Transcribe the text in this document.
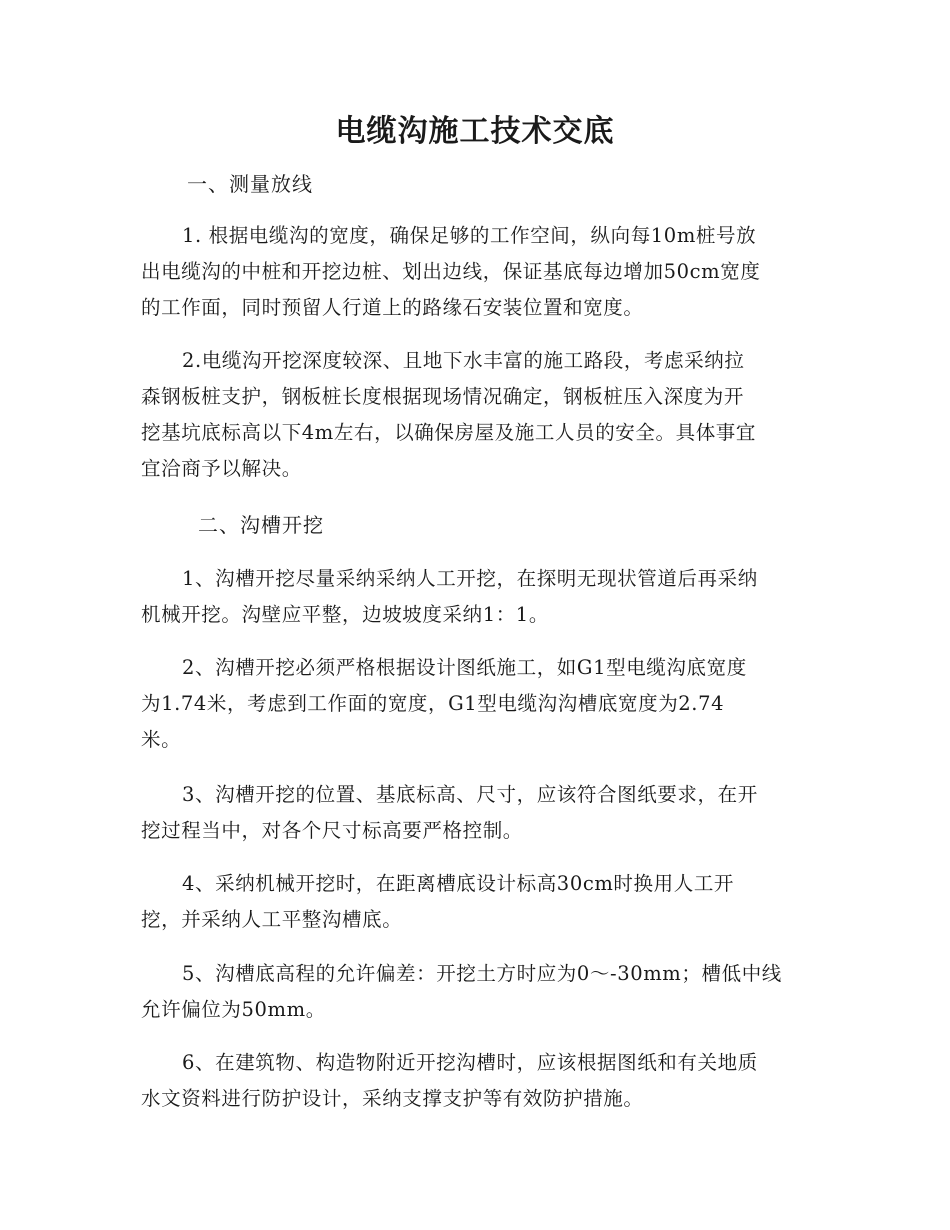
电缆沟施工技术交底
一、测量放线
1. 根据电缆沟的宽度，确保足够的工作空间，纵向每10m桩号放
出电缆沟的中桩和开挖边桩、划出边线，保证基底每边增加50cm宽度
的工作面，同时预留人行道上的路缘石安装位置和宽度。
2.电缆沟开挖深度较深、且地下水丰富的施工路段，考虑采纳拉
森钢板桩支护，钢板桩长度根据现场情况确定，钢板桩压入深度为开
挖基坑底标高以下4m左右，以确保房屋及施工人员的安全。具体事宜
宜洽商予以解决。
二、沟槽开挖
1、沟槽开挖尽量采纳采纳人工开挖，在探明无现状管道后再采纳
机械开挖。沟壁应平整，边坡坡度采纳1：1。
2、沟槽开挖必须严格根据设计图纸施工，如G1型电缆沟底宽度
为1.74米，考虑到工作面的宽度，G1型电缆沟沟槽底宽度为2.74
米。
3、沟槽开挖的位置、基底标高、尺寸，应该符合图纸要求，在开
挖过程当中，对各个尺寸标高要严格控制。
4、采纳机械开挖时，在距离槽底设计标高30cm时换用人工开
挖，并采纳人工平整沟槽底。
5、沟槽底高程的允许偏差：开挖土方时应为0～-30mm；槽低中线
允许偏位为50mm。
6、在建筑物、构造物附近开挖沟槽时，应该根据图纸和有关地质
水文资料进行防护设计，采纳支撑支护等有效防护措施。
